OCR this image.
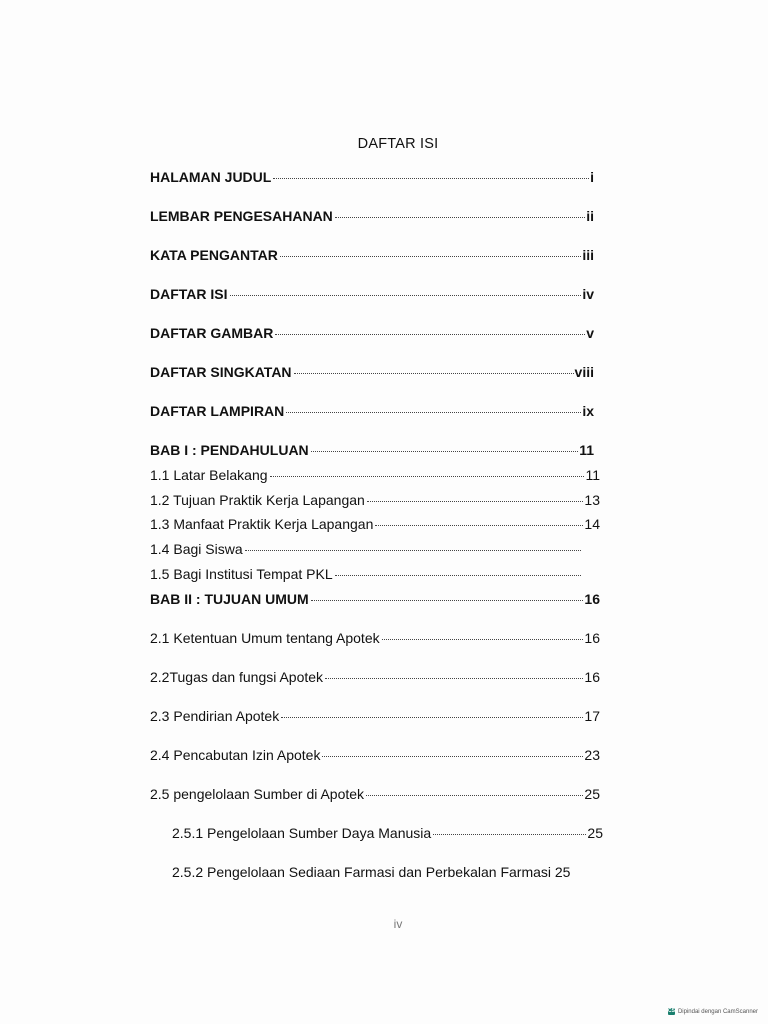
DAFTAR ISI
HALAMAN JUDUL	i
LEMBAR PENGESAHANAN	ii
KATA PENGANTAR	iii
DAFTAR ISI	iv
DAFTAR GAMBAR	v
DAFTAR SINGKATAN	viii
DAFTAR LAMPIRAN	ix
BAB I : PENDAHULUAN	11
1.1 Latar Belakang	11
1.2 Tujuan Praktik Kerja Lapangan	13
1.3 Manfaat Praktik Kerja Lapangan	14
1.4 Bagi Siswa
1.5 Bagi Institusi Tempat PKL
BAB II : TUJUAN UMUM	16
2.1 Ketentuan Umum tentang Apotek	16
2.2Tugas dan fungsi Apotek	16
2.3 Pendirian Apotek	17
2.4 Pencabutan Izin Apotek	23
2.5 pengelolaan Sumber di Apotek	25
2.5.1 Pengelolaan Sumber Daya Manusia	25
2.5.2 Pengelolaan Sediaan Farmasi dan Perbekalan Farmasi 25
iv
CS Dipindai dengan CamScanner
